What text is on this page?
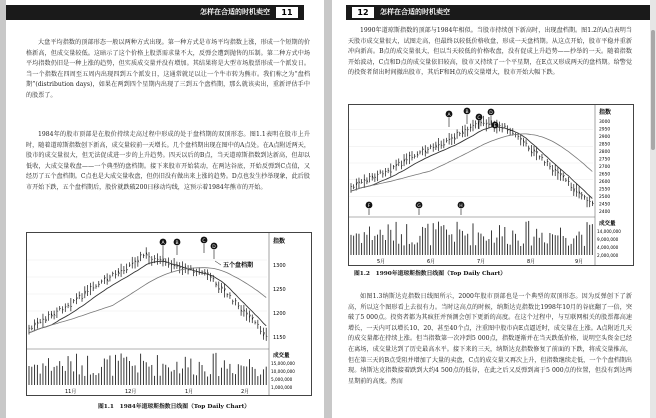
怎样在合适的时机卖空	11
大盘平均指数的顶部形态一般以两种方式出现。第一种方式是市场平均指数上涨，形成一个短期的价格新高，但成交量较低。这暗示了这个价格上股票需求量不大，反弹会遭到抛售的压制。第二种方式中场平均指数仍旧是一种上涨的趋势，但实质成交量并没有增加。其结果将是大型市场股票形成一个派发日。当一个指数在四周至五周内出现四到五个派发日，这通常就足以让一个牛市转为熊市。我们称之为“盘档期”(distribution days)，如果在两到四个星期内出现了三到五个盘档期，那么就该卖出，重新评估手中的股票了。
1984年的股市顶部是在股价持续走高过程中形成的处于盘档期的双顶形态。图1.1表明在股市上升时，随着道琼斯指数创下新高，成交量较前一天增长。几个盘档期出现在图中的A点处。在A点附近两天，股市的成交量很大，但无法促成进一步的上升趋势。四天以后的B点，当天道琼斯指数到达新高，但却以低收，大成交量收盘——一个典型的盘档期。接下来股市开始装动，在两达谷底，开始反弹到C点值，又经历了五个盘档期。C点也是大成交量收盘，但仍旧没有做出来上涨的趋势。D点也发生抄举现象，此后股市开始下跌，五个盘档期后，股价就跌破200日移动均线，这预示着1984年熊市的开始。
指数
1300
1250
1200
1150
成交量
15,000,000
10,000,000
5,000,000
1,000,000
11月	12月	1月	2月
五个盘档期
A B	C
D
图1.1　1984年道琼斯指数日线图（Top Daily Chart）
12	怎样在合适的时机卖空
1990年道琼斯指数的顶部与1984年相似。当股市持续创下新高时，出现盘档期。图1.2的A点表明当天股市成交量很大，试图走高，但最终以较低价格收盘，形成一天盘档期。从这点开始，股市平稳并重新冲向新高。B点的成交量很大，但以当天较低的价格收盘，没有促成上升趋势——抄举的一天。随着指数开始波动，C点和D点的成交量依旧较高，股市又持续了一个平星期，在E点又形成两天的盘档期。给警觉的投资者留出时间撤出股市，其后F和H点的成交量增大，股市开始大幅下跌。
指数
3000
2950
2900
2850
2800
2750
2700
2650
2600
2550
2500
2450
2400
成交量
14,000,000
9,000,000
4,000,000
2,000,000
5月	6月	7月	8月	9月
A
B
C
D
E
F	G	H
图1.2　1990年道琼斯指数日线图（Top Daily Chart）
如图1.3纳斯达克指数日线图所示，2000年股市顶部也是一个典型的双顶形态。因为反弹创下了新高，所以这个图形看上去很有力。当时这高点的时候，纳斯达克指数比1998年10月的谷底翻了一倍，突破了5 000点。投资者都为其疯狂并预测会创下更新的高度。在这个过程中，与互联网相关的股票都高速增长，一天内可以增长10、20、甚至40个点，注重图中股市向E点逼近时，成交量在上涨。A点附近几天的成交量都在持续上涨。但当指数第一次冲到5 000点，指数逐渐并在当天跌低价格，说明空头资金已经在离场，成交量达到了历史最高水平。接下来的三天，纳斯达克指数修复了前面的下跌，将成交量推高，但在第三天的B点受阻并增加了大量的卖盘，C点的成交量又再次上升，但指数继续走低，一个个盘档期出现。纳斯达克指数接着跌到大约4 500点的低谷，在此之后又反弹到离于5 000点的位置，但没有到达两星期前的高度。然而
